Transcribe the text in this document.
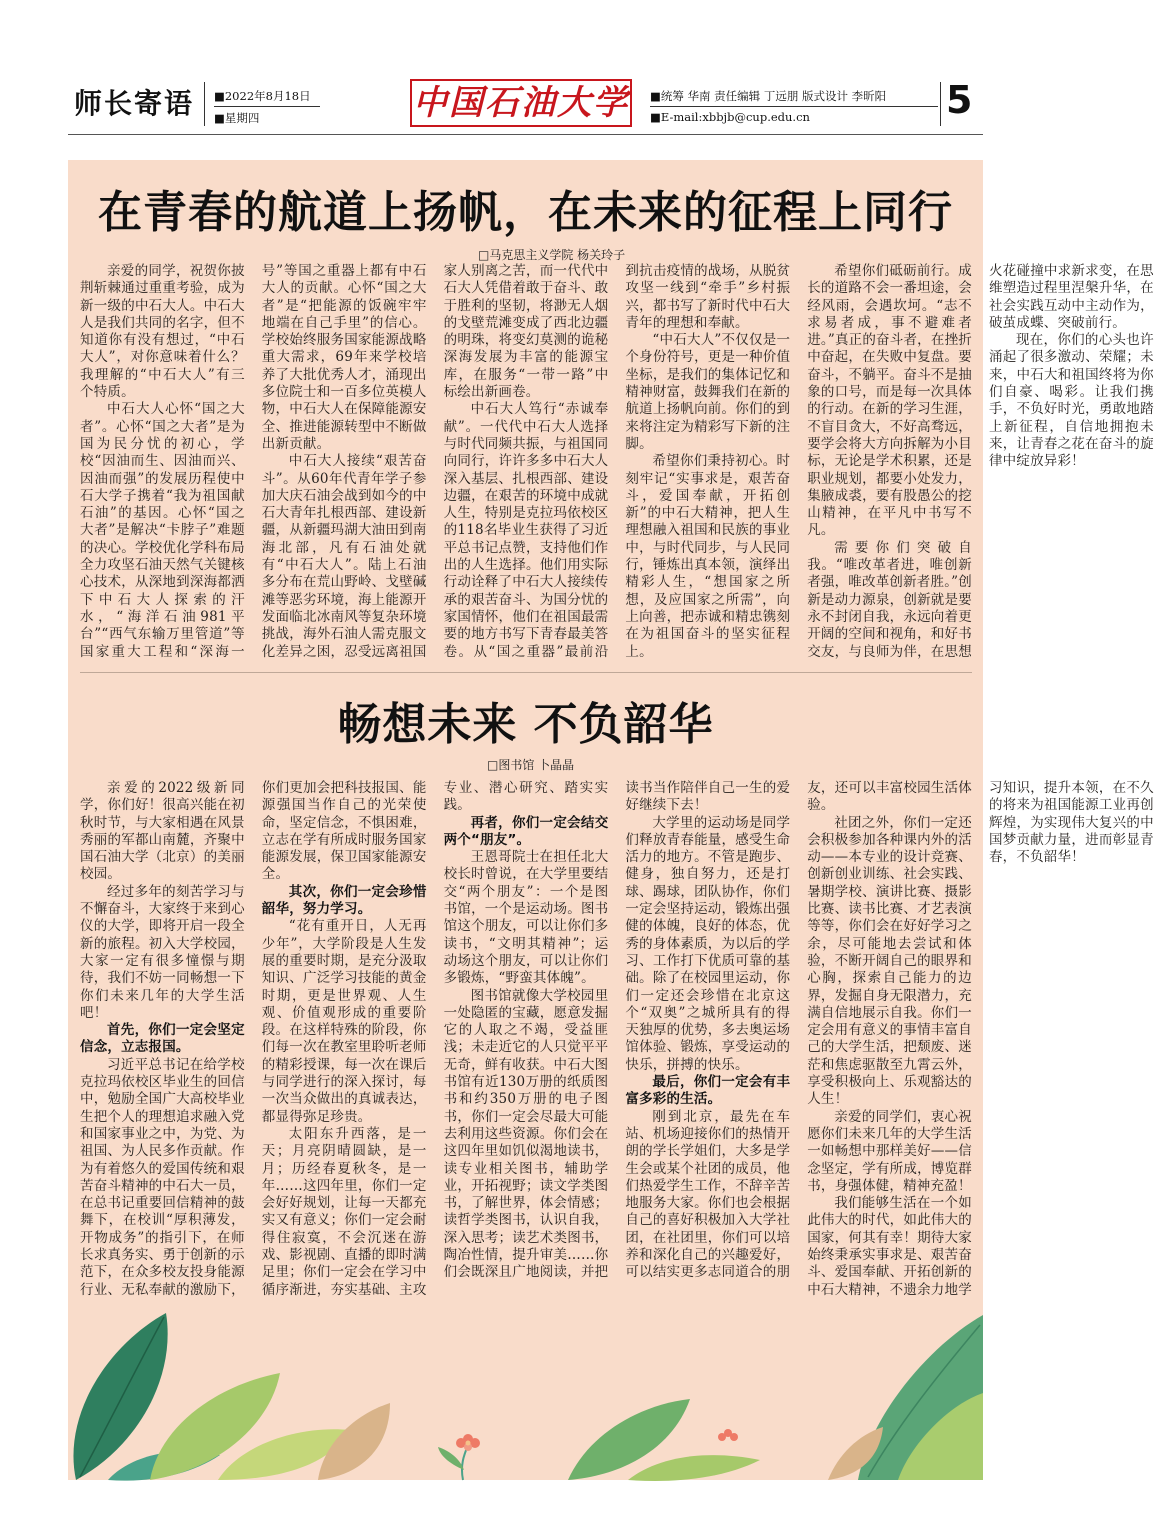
师长寄语 ■2022年8月18日
■星期四	中国石油大学 ■统筹 华南 责任编辑 丁远朋 版式设计 李昕阳
■E-mail:xbbjb@cup.edu.cn	5
在青春的航道上扬帆，在未来的征程上同行
□马克思主义学院 杨关玲子

亲爱的同学，祝贺你披荆斩棘通过重重考验，成为新一级的中石大人。中石大人是我们共同的名字，但不知道你有没有想过，“中石大人”，对你意味着什么？我理解的“中石大人”有三个特质。

中石大人心怀“国之大者”。心怀“国之大者”是为国为民分忧的初心，学校“因油而生、因油而兴、因油而强”的发展历程使中石大学子携着“我为祖国献石油”的基因。心怀“国之大者”是解决“卡脖子”难题的决心。学校优化学科布局全力攻坚石油天然气关键核心技术，从深地到深海都洒下中石大人探索的汗水，“海洋石油981平台”“西气东输万里管道”等国家重大工程和“深海一号”等国之重器上都有中石大人的贡献。心怀“国之大者”是“把能源的饭碗牢牢地端在自己手里”的信心。学校始终服务国家能源战略重大需求，69年来学校培养了大批优秀人才，涌现出多位院士和一百多位英模人物，中石大人在保障能源安全、推进能源转型中不断做出新贡献。

中石大人接续“艰苦奋斗”。从60年代青年学子参加大庆石油会战到如今的中石大青年扎根西部、建设新疆，从新疆玛湖大油田到南海北部，凡有石油处就有“中石大人”。陆上石油多分布在荒山野岭、戈壁碱滩等恶劣环境，海上能源开发面临北冰南风等复杂环境挑战，海外石油人需克服文化差异之困，忍受远离祖国家人别离之苦，而一代代中石大人凭借着敢于奋斗、敢于胜利的坚韧，将渺无人烟的戈壁荒滩变成了西北边疆的明珠，将变幻莫测的诡秘深海发展为丰富的能源宝库，在服务“一带一路”中标绘出新画卷。

中石大人笃行“赤诚奉献”。一代代中石大人选择与时代同频共振，与祖国同向同行，许许多多中石大人深入基层、扎根西部、建设边疆，在艰苦的环境中成就人生，特别是克拉玛依校区的118名毕业生获得了习近平总书记点赞，支持他们作出的人生选择。他们用实际行动诠释了中石大人接续传承的艰苦奋斗、为国分忧的家国情怀，他们在祖国最需要的地方书写下青春最美答卷。从“国之重器”最前沿到抗击疫情的战场，从脱贫攻坚一线到“牵手”乡村振兴，都书写了新时代中石大青年的理想和奉献。

“中石大人”不仅仅是一个身份符号，更是一种价值坐标，是我们的集体记忆和精神财富，鼓舞我们在新的航道上扬帆向前。你们的到来将注定为精彩写下新的注脚。

希望你们秉持初心。时刻牢记“实事求是，艰苦奋斗，爱国奉献，开拓创新”的中石大精神，把人生理想融入祖国和民族的事业中，与时代同步，与人民同行，锤炼出真本领，演绎出精彩人生，“想国家之所想，及应国家之所需”，向上向善，把赤诚和精忠镌刻在为祖国奋斗的坚实征程上。

希望你们砥砺前行。成长的道路不会一番坦途，会经风雨，会遇坎坷。“志不求易者成，事不避难者进。”真正的奋斗者，在挫折中奋起，在失败中复盘。要奋斗，不躺平。奋斗不是抽象的口号，而是每一次具体的行动。在新的学习生涯，不盲目贪大，不好高骛远，要学会将大方向拆解为小目标，无论是学术积累，还是职业规划，都要小处发力，集腋成裘，要有股愚公的挖山精神，在平凡中书写不凡。

需要你们突破自我。“唯改革者进，唯创新者强，唯改革创新者胜。”创新是动力源泉，创新就是要永不封闭自我，永远向着更开阔的空间和视角，和好书交友，与良师为伴，在思想火花碰撞中求新求变，在思维塑造过程里涅槃升华，在社会实践互动中主动作为，破茧成蝶、突破前行。

现在，你们的心头也许涌起了很多激动、荣耀；未来，中石大和祖国终将为你们自豪、喝彩。让我们携手，不负好时光，勇敢地踏上新征程，自信地拥抱未来，让青春之花在奋斗的旋律中绽放异彩！

畅想未来 不负韶华
□图书馆 卜晶晶

亲爱的2022级新同学，你们好！很高兴能在初秋时节，与大家相遇在风景秀丽的军都山南麓，齐聚中国石油大学（北京）的美丽校园。

经过多年的刻苦学习与不懈奋斗，大家终于来到心仪的大学，即将开启一段全新的旅程。初入大学校园，大家一定有很多憧憬与期待，我们不妨一同畅想一下你们未来几年的大学生活吧！

首先，你们一定会坚定信念，立志报国。

习近平总书记在给学校克拉玛依校区毕业生的回信中，勉励全国广大高校毕业生把个人的理想追求融入党和国家事业之中，为党、为祖国、为人民多作贡献。作为有着悠久的爱国传统和艰苦奋斗精神的中石大一员，在总书记重要回信精神的鼓舞下，在校训“厚积薄发，开物成务”的指引下，在师长求真务实、勇于创新的示范下，在众多校友投身能源行业、无私奉献的激励下，你们更加会把科技报国、能源强国当作自己的光荣使命，坚定信念，不惧困难，立志在学有所成时服务国家能源发展，保卫国家能源安全。

其次，你们一定会珍惜韶华，努力学习。

“花有重开日，人无再少年”，大学阶段是人生发展的重要时期，是充分汲取知识、广泛学习技能的黄金时期，更是世界观、人生观、价值观形成的重要阶段。在这样特殊的阶段，你们每一次在教室里聆听老师的精彩授课，每一次在课后与同学进行的深入探讨，每一次当众做出的真诚表达，都显得弥足珍贵。

太阳东升西落，是一天；月亮阴晴圆缺，是一月；历经春夏秋冬，是一年……这四年里，你们一定会好好规划，让每一天都充实又有意义；你们一定会耐得住寂寞，不会沉迷在游戏、影视剧、直播的即时满足里；你们一定会在学习中循序渐进，夯实基础、主攻专业、潜心研究、踏实实践。

再者，你们一定会结交两个“朋友”。

王恩哥院士在担任北大校长时曾说，在大学里要结交“两个朋友”：一个是图书馆，一个是运动场。图书馆这个朋友，可以让你们多读书，“文明其精神”；运动场这个朋友，可以让你们多锻炼，“野蛮其体魄”。

图书馆就像大学校园里一处隐匿的宝藏，愿意发掘它的人取之不竭，受益匪浅；未走近它的人只觉平平无奇，鲜有收获。中石大图书馆有近130万册的纸质图书和约350万册的电子图书，你们一定会尽最大可能去利用这些资源。你们会在这四年里如饥似渴地读书，读专业相关图书，辅助学业，开拓视野；读文学类图书，了解世界，体会情感；读哲学类图书，认识自我，深入思考；读艺术类图书，陶冶性情，提升审美……你们会既深且广地阅读，并把读书当作陪伴自己一生的爱好继续下去！

大学里的运动场是同学们释放青春能量，感受生命活力的地方。不管是跑步、健身，独自努力，还是打球、踢球，团队协作，你们一定会坚持运动，锻炼出强健的体魄，良好的体态，优秀的身体素质，为以后的学习、工作打下优质可靠的基础。除了在校园里运动，你们一定还会珍惜在北京这个“双奥”之城所具有的得天独厚的优势，多去奥运场馆体验、锻炼，享受运动的快乐，拼搏的快乐。

最后，你们一定会有丰富多彩的生活。

刚到北京，最先在车站、机场迎接你们的热情开朗的学长学姐们，大多是学生会或某个社团的成员，他们热爱学生工作，不辞辛苦地服务大家。你们也会根据自己的喜好积极加入大学社团，在社团里，你们可以培养和深化自己的兴趣爱好，可以结实更多志同道合的朋友，还可以丰富校园生活体验。

社团之外，你们一定还会积极参加各种课内外的活动——本专业的设计竞赛、创新创业训练、社会实践、暑期学校、演讲比赛、摄影比赛、读书比赛、才艺表演等等，你们会在好好学习之余，尽可能地去尝试和体验，不断开阔自己的眼界和心胸，探索自己能力的边界，发掘自身无限潜力，充满自信地展示自我。你们一定会用有意义的事情丰富自己的大学生活，把颓废、迷茫和焦虑驱散至九霄云外，享受积极向上、乐观豁达的人生！

亲爱的同学们，衷心祝愿你们未来几年的大学生活一如畅想中那样美好——信念坚定，学有所成，博览群书，身强体健，精神充盈！

我们能够生活在一个如此伟大的时代，如此伟大的国家，何其有幸！期待大家始终秉承实事求是、艰苦奋斗、爱国奉献、开拓创新的中石大精神，不遗余力地学习知识，提升本领，在不久的将来为祖国能源工业再创辉煌，为实现伟大复兴的中国梦贡献力量，进而彰显青春，不负韶华！
